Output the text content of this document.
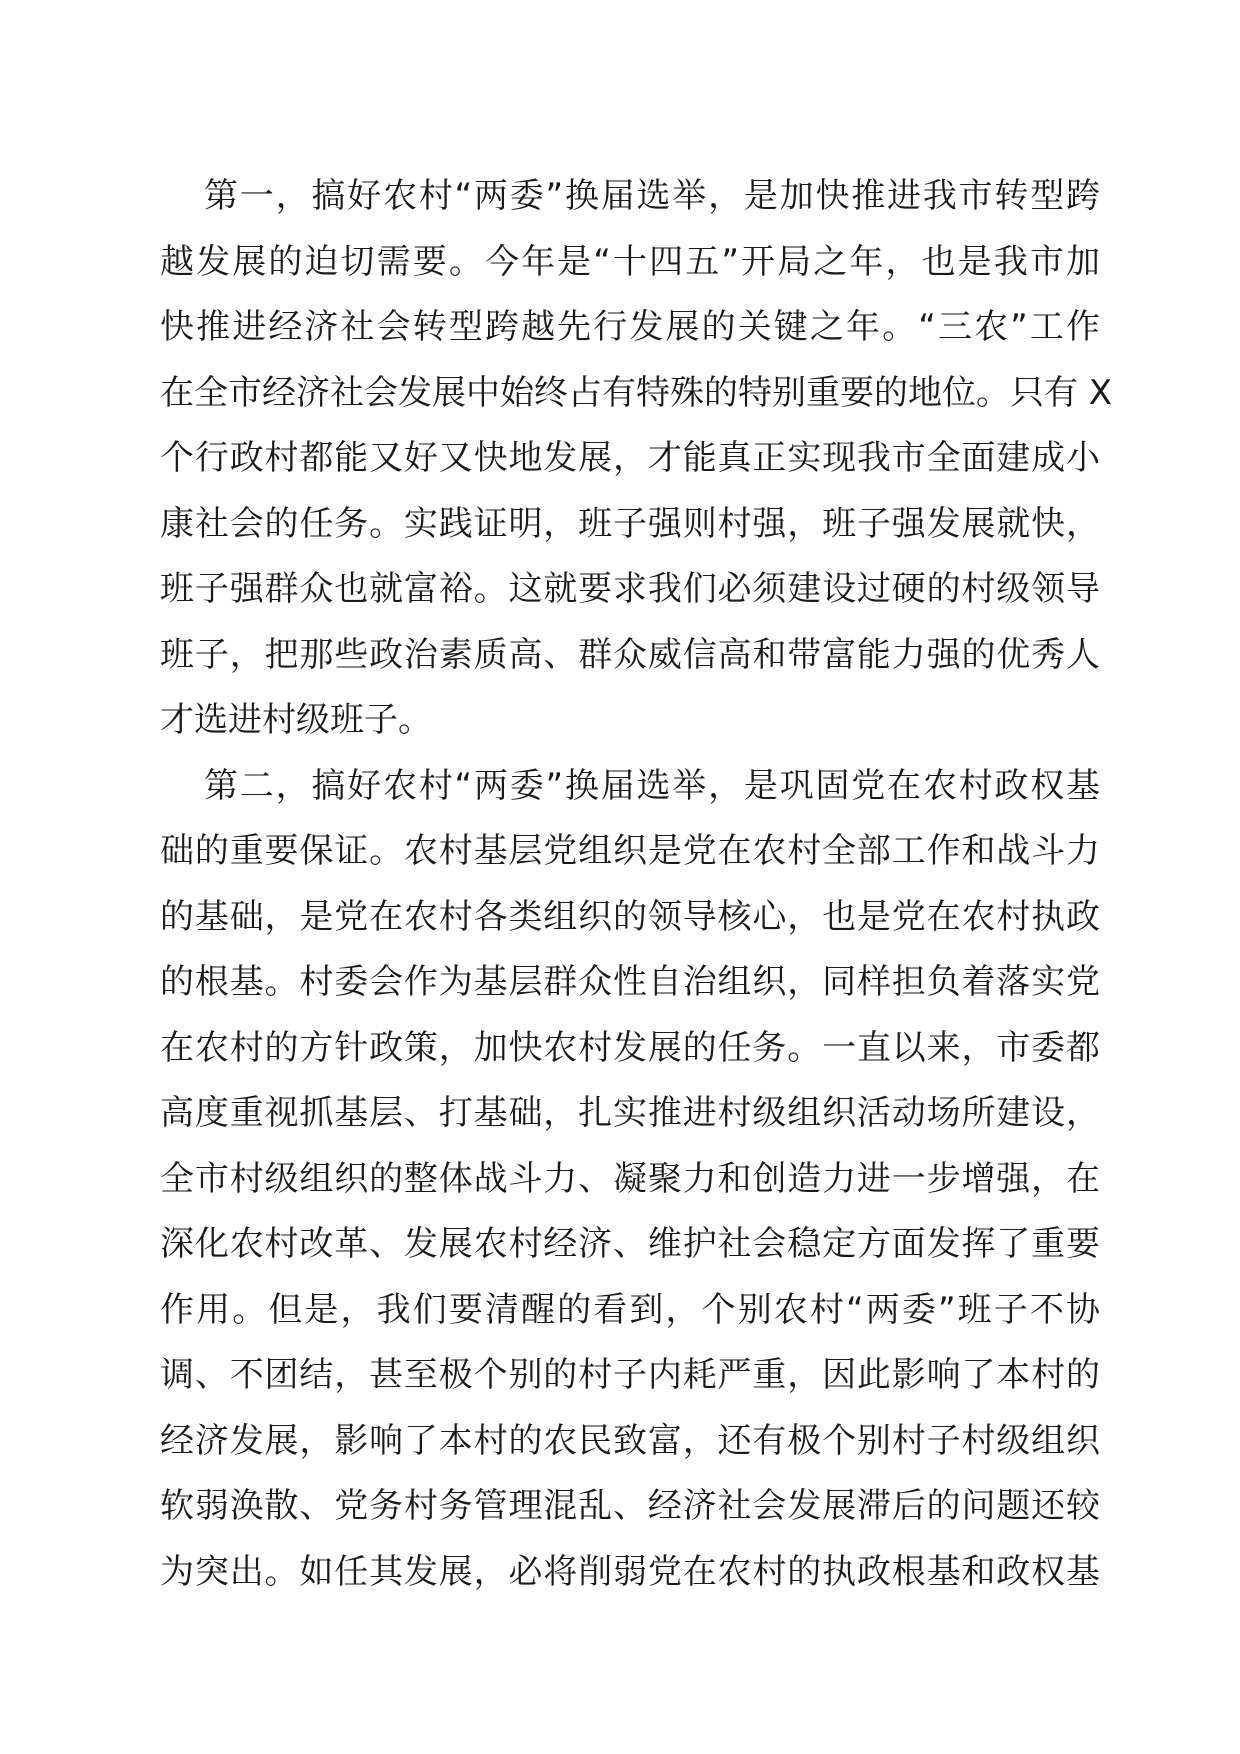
第一，搞好农村“两委”换届选举，是加快推进我市转型跨
越发展的迫切需要。今年是“十四五”开局之年，也是我市加
快推进经济社会转型跨越先行发展的关键之年。“三农”工作
在全市经济社会发展中始终占有特殊的特别重要的地位。只有 X
个行政村都能又好又快地发展，才能真正实现我市全面建成小
康社会的任务。实践证明，班子强则村强，班子强发展就快，
班子强群众也就富裕。这就要求我们必须建设过硬的村级领导
班子，把那些政治素质高、群众威信高和带富能力强的优秀人
才选进村级班子。
第二，搞好农村“两委”换届选举，是巩固党在农村政权基
础的重要保证。农村基层党组织是党在农村全部工作和战斗力
的基础，是党在农村各类组织的领导核心，也是党在农村执政
的根基。村委会作为基层群众性自治组织，同样担负着落实党
在农村的方针政策，加快农村发展的任务。一直以来，市委都
高度重视抓基层、打基础，扎实推进村级组织活动场所建设，
全市村级组织的整体战斗力、凝聚力和创造力进一步增强，在
深化农村改革、发展农村经济、维护社会稳定方面发挥了重要
作用。但是，我们要清醒的看到，个别农村“两委”班子不协
调、不团结，甚至极个别的村子内耗严重，因此影响了本村的
经济发展，影响了本村的农民致富，还有极个别村子村级组织
软弱涣散、党务村务管理混乱、经济社会发展滞后的问题还较
为突出。如任其发展，必将削弱党在农村的执政根基和政权基
